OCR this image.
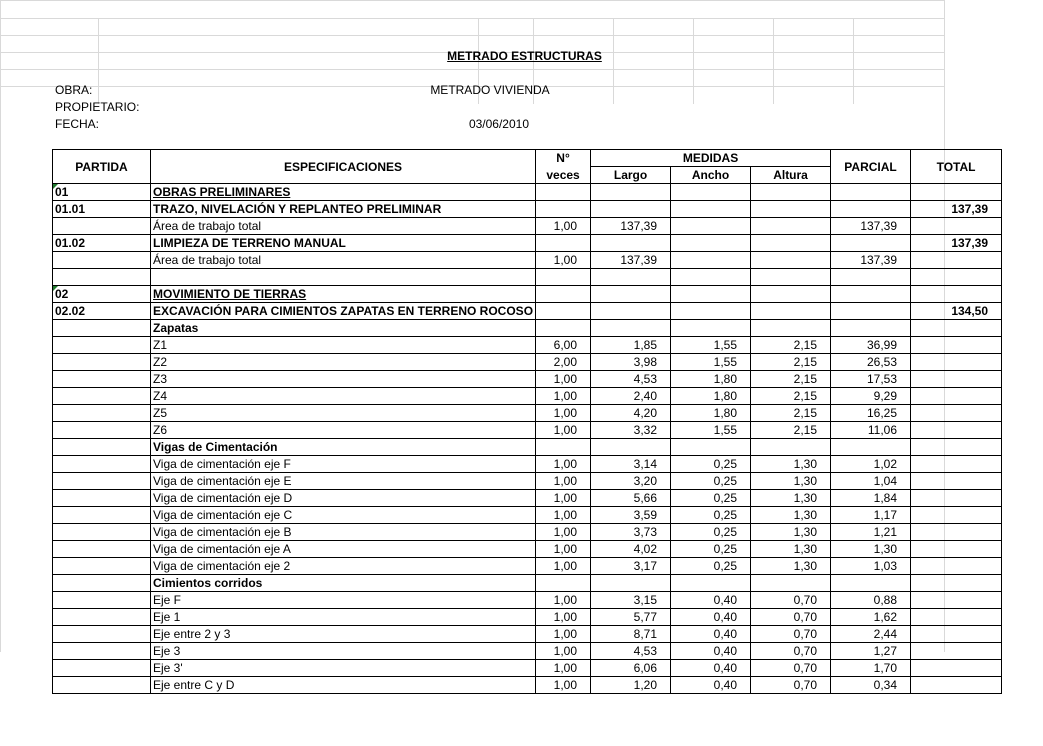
METRADO ESTRUCTURAS
OBRA:	METRADO VIVIENDA
PROPIETARIO:
FECHA:	03/06/2010
PARTIDA	ESPECIFICACIONES	N°	MEDIDAS			PARCIAL	TOTAL
		veces	Largo	Ancho	Altura		

01	OBRAS PRELIMINARES						
01.01	TRAZO, NIVELACIÓN Y REPLANTEO PRELIMINAR						137,39
	Área de trabajo total	1,00	137,39			137,39	
01.02	LIMPIEZA DE TERRENO MANUAL						137,39
	Área de trabajo total	1,00	137,39			137,39	

02	MOVIMIENTO DE TIERRAS						
02.02	EXCAVACIÓN PARA CIMIENTOS ZAPATAS EN TERRENO ROCOSO						134,50
	Zapatas						
	Z1	6,00	1,85	1,55	2,15	36,99	
	Z2	2,00	3,98	1,55	2,15	26,53	
	Z3	1,00	4,53	1,80	2,15	17,53	
	Z4	1,00	2,40	1,80	2,15	9,29	
	Z5	1,00	4,20	1,80	2,15	16,25	
	Z6	1,00	3,32	1,55	2,15	11,06	
	Vigas de Cimentación						
	Viga de cimentación eje F	1,00	3,14	0,25	1,30	1,02	
	Viga de cimentación eje E	1,00	3,20	0,25	1,30	1,04	
	Viga de cimentación eje D	1,00	5,66	0,25	1,30	1,84	
	Viga de cimentación eje C	1,00	3,59	0,25	1,30	1,17	
	Viga de cimentación eje B	1,00	3,73	0,25	1,30	1,21	
	Viga de cimentación eje A	1,00	4,02	0,25	1,30	1,30	
	Viga de cimentación eje 2	1,00	3,17	0,25	1,30	1,03	
	Cimientos corridos						
	Eje F	1,00	3,15	0,40	0,70	0,88	
	Eje 1	1,00	5,77	0,40	0,70	1,62	
	Eje entre 2 y 3	1,00	8,71	0,40	0,70	2,44	
	Eje 3	1,00	4,53	0,40	0,70	1,27	
	Eje 3'	1,00	6,06	0,40	0,70	1,70	
	Eje entre C y D	1,00	1,20	0,40	0,70	0,34	
